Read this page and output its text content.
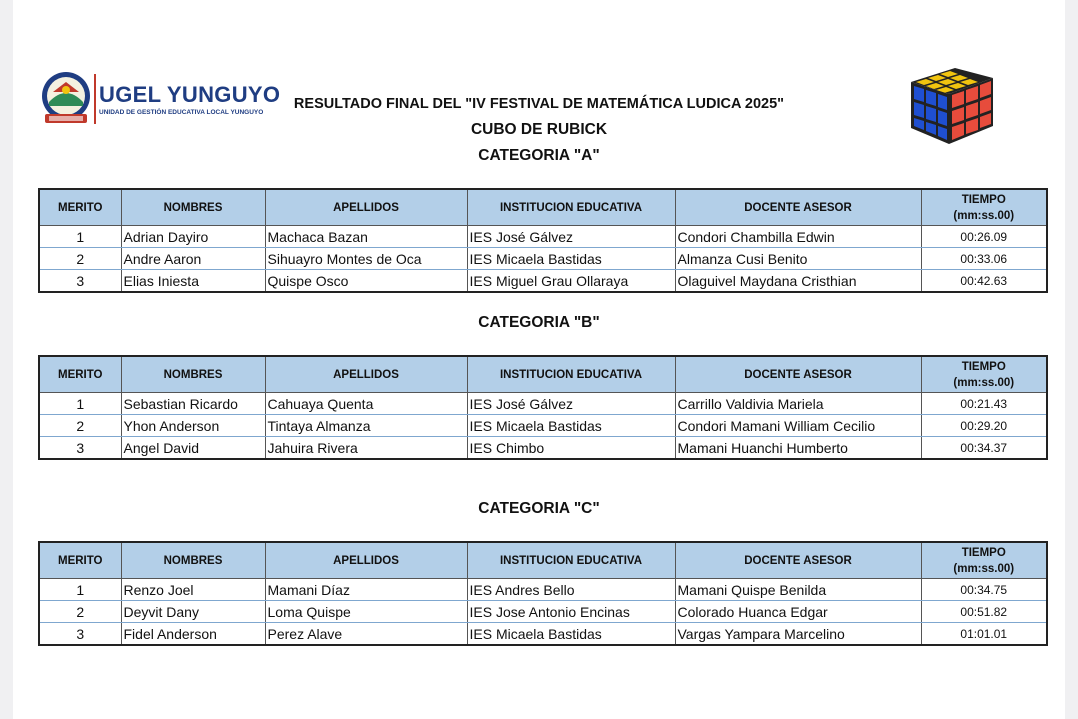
UGEL YUNGUYO
UNIDAD DE GESTIÓN EDUCATIVA LOCAL YUNGUYO
RESULTADO FINAL DEL "IV FESTIVAL DE MATEMÁTICA LUDICA 2025"
CUBO DE RUBICK
CATEGORIA "A"
MERITO	NOMBRES	APELLIDOS	INSTITUCION EDUCATIVA	DOCENTE ASESOR	TIEMPO
(mm:ss.00)
1	Adrian Dayiro	Machaca Bazan	IES José Gálvez	Condori Chambilla Edwin	00:26.09
2	Andre Aaron	Sihuayro Montes de Oca	IES Micaela Bastidas	Almanza Cusi Benito	00:33.06
3	Elias Iniesta	Quispe Osco	IES Miguel Grau Ollaraya	Olaguivel Maydana Cristhian	00:42.63
CATEGORIA "B"
MERITO	NOMBRES	APELLIDOS	INSTITUCION EDUCATIVA	DOCENTE ASESOR	TIEMPO
(mm:ss.00)
1	Sebastian Ricardo	Cahuaya Quenta	IES José Gálvez	Carrillo Valdivia Mariela	00:21.43
2	Yhon Anderson	Tintaya Almanza	IES Micaela Bastidas	Condori Mamani William Cecilio	00:29.20
3	Angel David	Jahuira Rivera	IES Chimbo	Mamani Huanchi Humberto	00:34.37
CATEGORIA "C"
MERITO	NOMBRES	APELLIDOS	INSTITUCION EDUCATIVA	DOCENTE ASESOR	TIEMPO
(mm:ss.00)
1	Renzo Joel	Mamani Díaz	IES Andres Bello	Mamani Quispe Benilda	00:34.75
2	Deyvit Dany	Loma Quispe	IES Jose Antonio Encinas	Colorado Huanca Edgar	00:51.82
3	Fidel Anderson	Perez Alave	IES Micaela Bastidas	Vargas Yampara Marcelino	01:01.01
